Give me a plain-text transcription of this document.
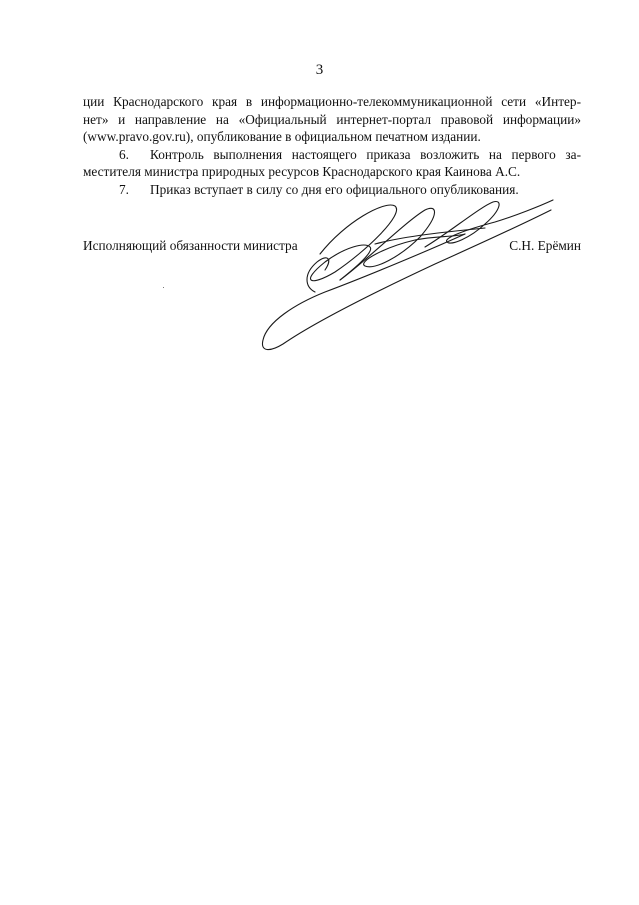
3
ции Краснодарского края в информационно-телекоммуникационной сети «Интер-
нет» и направление на «Официальный интернет-портал правовой информации»
(www.pravo.gov.ru), опубликование в официальном печатном издании.
6.	Контроль выполнения настоящего приказа возложить на первого за-
местителя министра природных ресурсов Краснодарского края Каинова А.С.
7.	Приказ вступает в силу со дня его официального опубликования.
Исполняющий обязанности министра	С.Н. Ерёмин
